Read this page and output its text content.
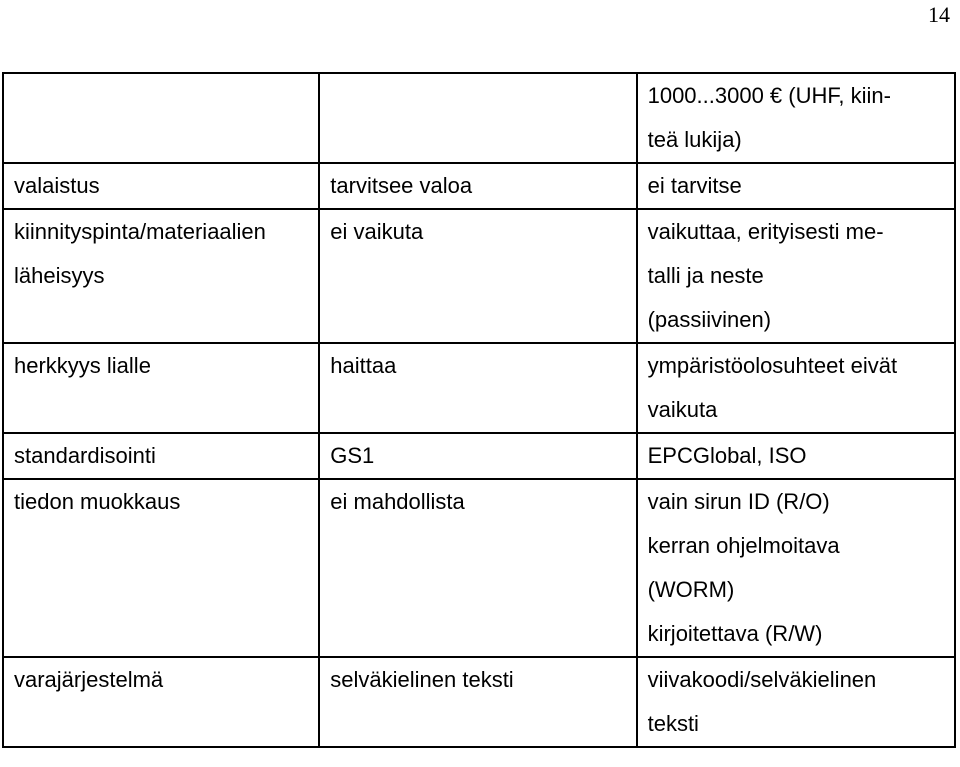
14

		1000...3000 € (UHF, kiin-
teä lukija)

valaistus	tarvitsee valoa	ei tarvitse

kiinnityspinta/materiaalien
läheisyys	ei vaikuta	vaikuttaa, erityisesti me-
talli ja neste
(passiivinen)

herkkyys lialle	haittaa	ympäristöolosuhteet eivät
vaikuta

standardisointi	GS1	EPCGlobal, ISO

tiedon muokkaus	ei mahdollista	vain sirun ID (R/O)
kerran ohjelmoitava
(WORM)
kirjoitettava (R/W)

varajärjestelmä	selväkielinen teksti	viivakoodi/selväkielinen
teksti
